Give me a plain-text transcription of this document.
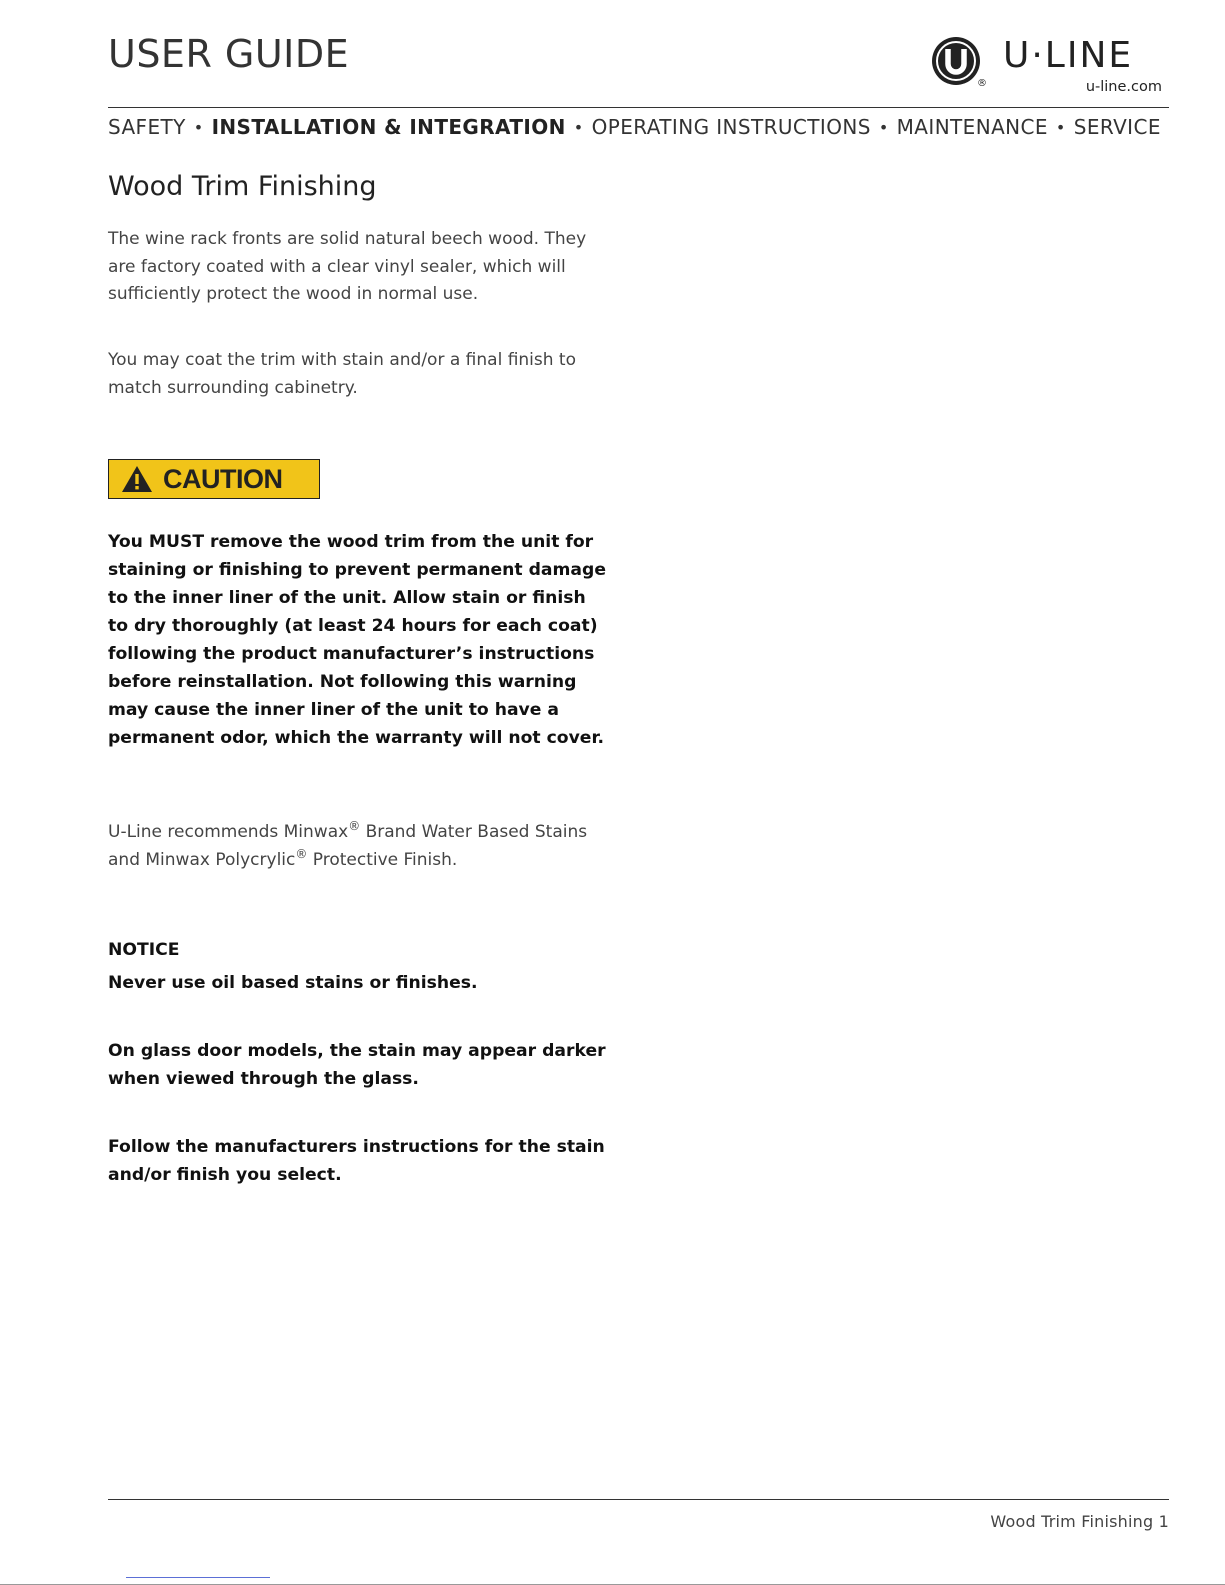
USER GUIDE
®
U·LINE
u-line.com
SAFETY • INSTALLATION & INTEGRATION • OPERATING INSTRUCTIONS • MAINTENANCE • SERVICE
Wood Trim Finishing

The wine rack fronts are solid natural beech wood. They are factory coated with a clear vinyl sealer, which will sufficiently protect the wood in normal use.

You may coat the trim with stain and/or a final finish to match surrounding cabinetry.

CAUTION

You MUST remove the wood trim from the unit for staining or finishing to prevent permanent damage to the inner liner of the unit. Allow stain or finish to dry thoroughly (at least 24 hours for each coat) following the product manufacturer’s instructions before reinstallation. Not following this warning may cause the inner liner of the unit to have a permanent odor, which the warranty will not cover.

U-Line recommends Minwax® Brand Water Based Stains and Minwax Polycrylic® Protective Finish.

NOTICE

Never use oil based stains or finishes.

On glass door models, the stain may appear darker when viewed through the glass.

Follow the manufacturers instructions for the stain and/or finish you select.

Wood Trim Finishing 1
